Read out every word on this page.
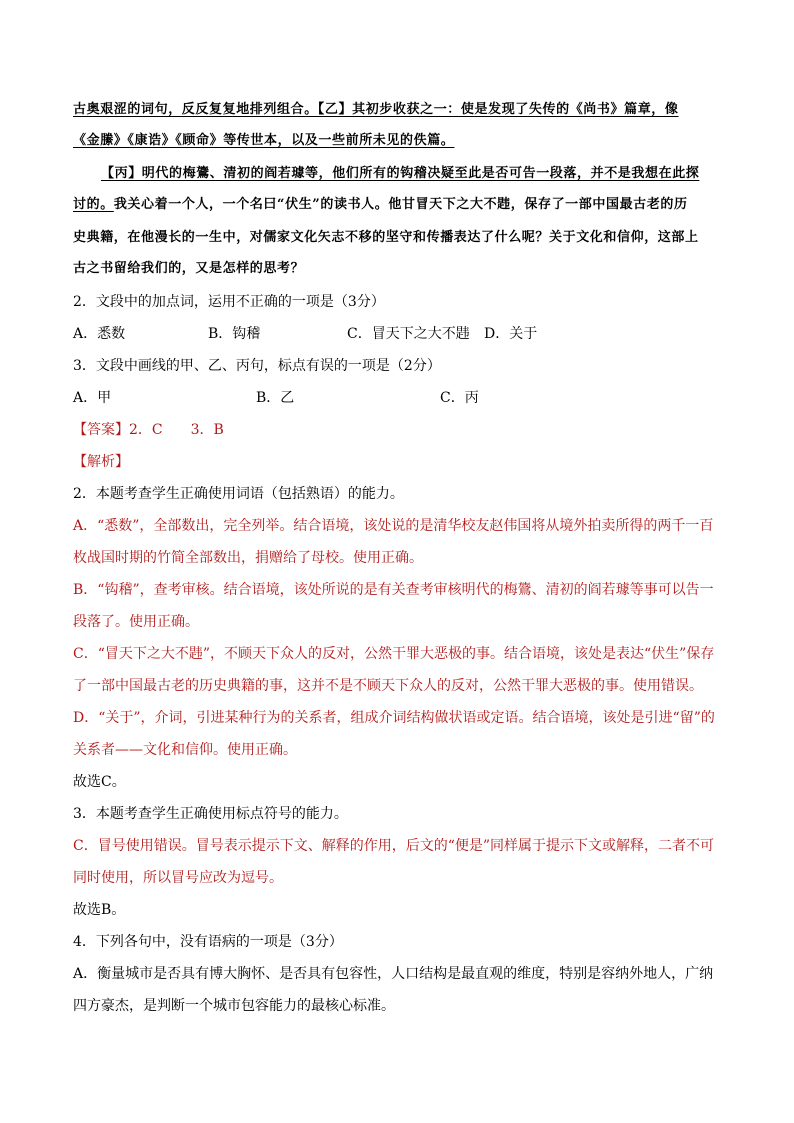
古奥艰涩的词句，反反复复地排列组合。【乙】其初步收获之一：使是发现了失传的《尚书》篇章，像
《金縢》《康诰》《顾命》等传世本，以及一些前所未见的佚篇。
【丙】明代的梅鷟、清初的阎若璩等，他们所有的钩稽决疑至此是否可告一段落，并不是我想在此探
讨的。我关心着一个人，一个名曰“伏生”的读书人。他甘冒天下之大不韪，保存了一部中国最古老的历
史典籍，在他漫长的一生中，对儒家文化矢志不移的坚守和传播表达了什么呢？关于文化和信仰，这部上
古之书留给我们的，又是怎样的思考？
2．文段中的加点词，运用不正确的一项是（3分）
A．悉数	B．钩稽	C．冒天下之大不韪 D．关于
3．文段中画线的甲、乙、丙句，标点有误的一项是（2分）
A．甲	B．乙	C．丙
【答案】2．C　　3．B
【解析】
2．本题考查学生正确使用词语（包括熟语）的能力。
A．“悉数”，全部数出，完全列举。结合语境，该处说的是清华校友赵伟国将从境外拍卖所得的两千一百
枚战国时期的竹简全部数出，捐赠给了母校。使用正确。
B．“钩稽”，查考审核。结合语境，该处所说的是有关查考审核明代的梅鷟、清初的阎若璩等事可以告一
段落了。使用正确。
C．“冒天下之大不韪”，不顾天下众人的反对，公然干罪大恶极的事。结合语境，该处是表达“伏生”保存
了一部中国最古老的历史典籍的事，这并不是不顾天下众人的反对，公然干罪大恶极的事。使用错误。
D．“关于”，介词，引进某种行为的关系者，组成介词结构做状语或定语。结合语境，该处是引进“留”的
关系者——文化和信仰。使用正确。
故选C。
3．本题考查学生正确使用标点符号的能力。
C．冒号使用错误。冒号表示提示下文、解释的作用，后文的“便是”同样属于提示下文或解释，二者不可
同时使用，所以冒号应改为逗号。
故选B。
4．下列各句中，没有语病的一项是（3分）
A．衡量城市是否具有博大胸怀、是否具有包容性，人口结构是最直观的维度，特别是容纳外地人，广纳
四方豪杰，是判断一个城市包容能力的最核心标准。
